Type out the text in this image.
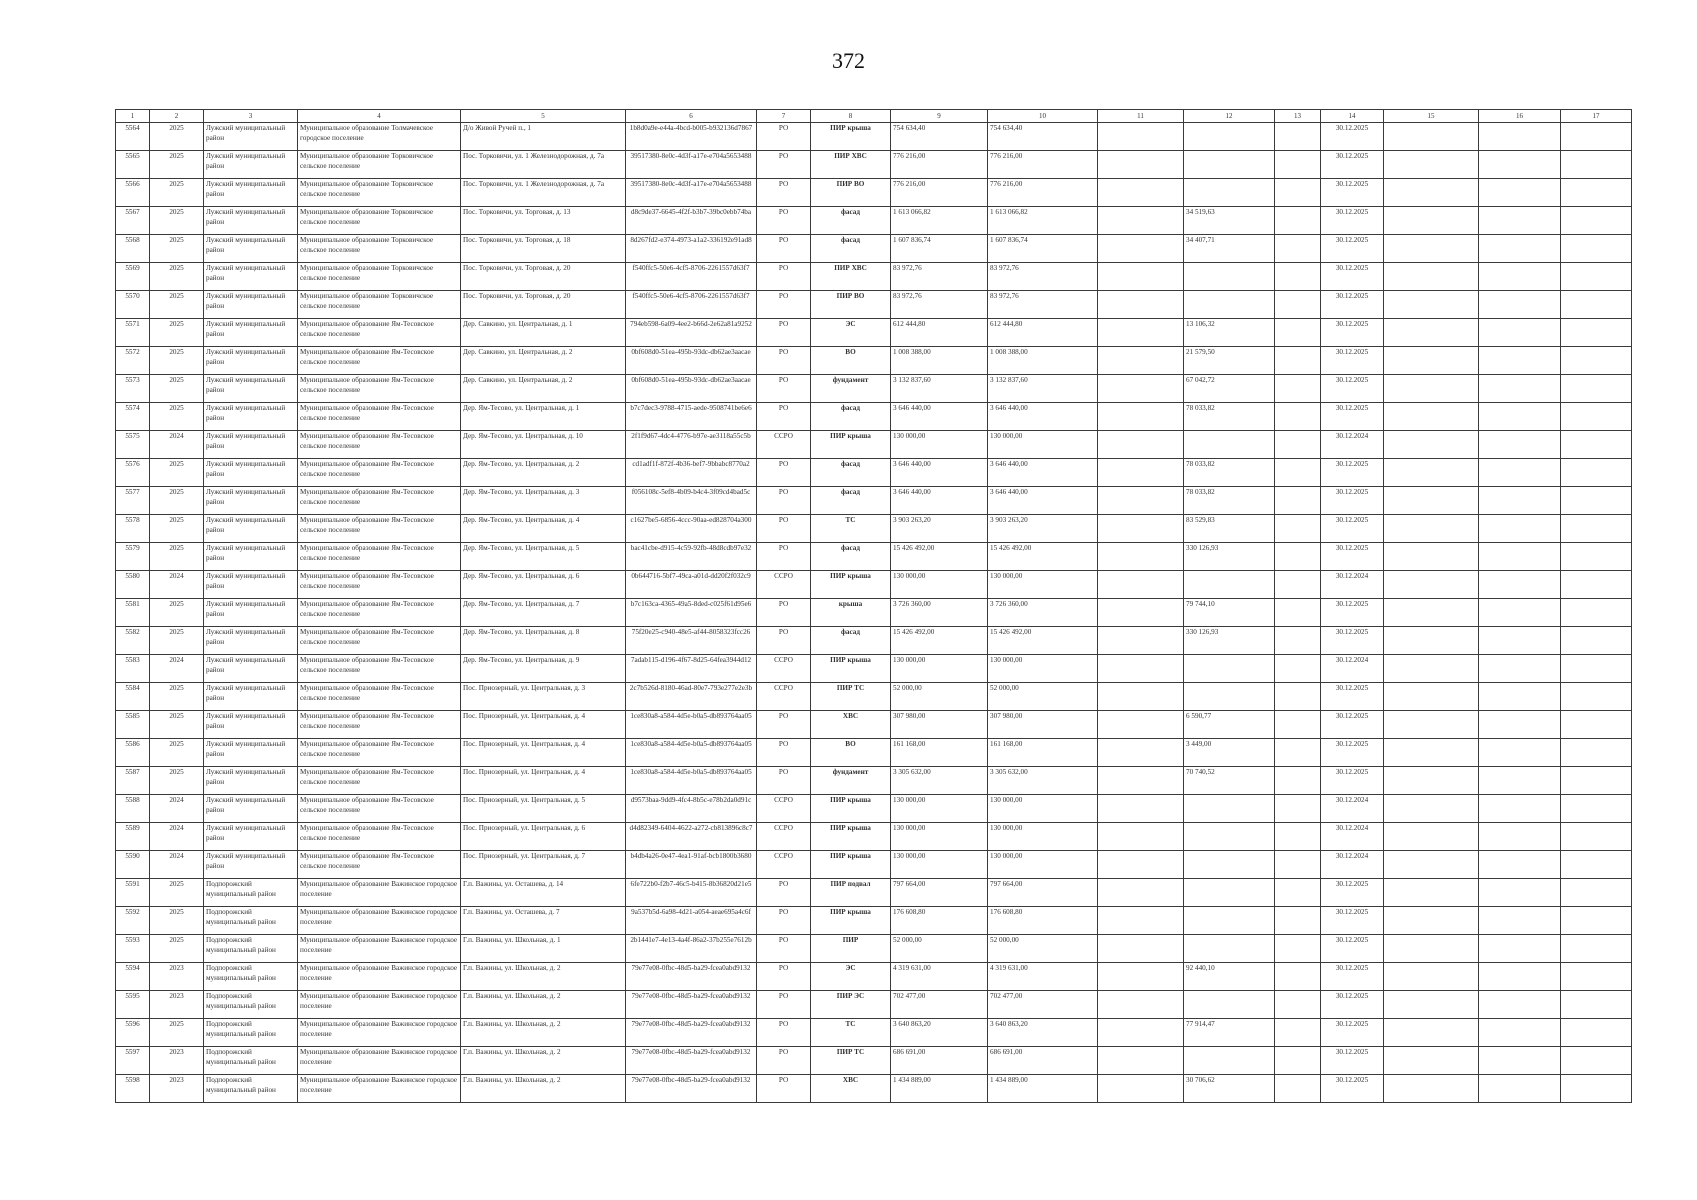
372
1	2	3	4	5	6	7	8	9	10	11	12	13	14	15	16	17
5564	2025	Лужский муниципальный район	Муниципальное образование Толмачевское городское поселение	Д/о Живой Ручей п., 1	1b8d0a9e-e44a-4bcd-b005-b932136d7867	РО	ПИР крыша	754 634,40	754 634,40				30.12.2025			
5565	2025	Лужский муниципальный район	Муниципальное образование Торковичское сельское поселение	Пос. Торковичи, ул. 1 Железнодорожная, д. 7а	39517380-8e0c-4d3f-a17e-e704a5653488	РО	ПИР ХВС	776 216,00	776 216,00				30.12.2025			
5566	2025	Лужский муниципальный район	Муниципальное образование Торковичское сельское поселение	Пос. Торковичи, ул. 1 Железнодорожная, д. 7а	39517380-8e0c-4d3f-a17e-e704a5653488	РО	ПИР ВО	776 216,00	776 216,00				30.12.2025			
5567	2025	Лужский муниципальный район	Муниципальное образование Торковичское сельское поселение	Пос. Торковичи, ул. Торговая, д. 13	d8c9de37-6645-4f2f-b3b7-39bc0ebb74ba	РО	фасад	1 613 066,82	1 613 066,82		34 519,63		30.12.2025			
5568	2025	Лужский муниципальный район	Муниципальное образование Торковичское сельское поселение	Пос. Торковичи, ул. Торговая, д. 18	8d267fd2-e374-4973-a1a2-336192e91ad8	РО	фасад	1 607 836,74	1 607 836,74		34 407,71		30.12.2025			
5569	2025	Лужский муниципальный район	Муниципальное образование Торковичское сельское поселение	Пос. Торковичи, ул. Торговая, д. 20	f540ffc5-50e6-4cf5-8706-2261557d63f7	РО	ПИР ХВС	83 972,76	83 972,76				30.12.2025			
5570	2025	Лужский муниципальный район	Муниципальное образование Торковичское сельское поселение	Пос. Торковичи, ул. Торговая, д. 20	f540ffc5-50e6-4cf5-8706-2261557d63f7	РО	ПИР ВО	83 972,76	83 972,76				30.12.2025			
5571	2025	Лужский муниципальный район	Муниципальное образование Ям-Тесовское сельское поселение	Дер. Савкино, ул. Центральная, д. 1	794eb598-6a09-4ee2-b66d-2e62a81a9252	РО	ЭС	612 444,80	612 444,80		13 106,32		30.12.2025			
5572	2025	Лужский муниципальный район	Муниципальное образование Ям-Тесовское сельское поселение	Дер. Савкино, ул. Центральная, д. 2	0bf608d0-51ea-495b-93dc-db62ae3aacae	РО	ВО	1 008 388,00	1 008 388,00		21 579,50		30.12.2025			
5573	2025	Лужский муниципальный район	Муниципальное образование Ям-Тесовское сельское поселение	Дер. Савкино, ул. Центральная, д. 2	0bf608d0-51ea-495b-93dc-db62ae3aacae	РО	фундамент	3 132 837,60	3 132 837,60		67 042,72		30.12.2025			
5574	2025	Лужский муниципальный район	Муниципальное образование Ям-Тесовское сельское поселение	Дер. Ям-Тесово, ул. Центральная, д. 1	b7c7dec3-9788-4715-aede-9508741be6e6	РО	фасад	3 646 440,00	3 646 440,00		78 033,82		30.12.2025			
5575	2024	Лужский муниципальный район	Муниципальное образование Ям-Тесовское сельское поселение	Дер. Ям-Тесово, ул. Центральная, д. 10	2f1f9d67-4dc4-4776-b97e-ae3118a55c5b	ССРО	ПИР крыша	130 000,00	130 000,00				30.12.2024			
5576	2025	Лужский муниципальный район	Муниципальное образование Ям-Тесовское сельское поселение	Дер. Ям-Тесово, ул. Центральная, д. 2	cd1adf1f-872f-4b36-bef7-9bbabc8770a2	РО	фасад	3 646 440,00	3 646 440,00		78 033,82		30.12.2025			
5577	2025	Лужский муниципальный район	Муниципальное образование Ям-Тесовское сельское поселение	Дер. Ям-Тесово, ул. Центральная, д. 3	f056108c-5ef8-4b09-b4c4-3f09cd4bad5c	РО	фасад	3 646 440,00	3 646 440,00		78 033,82		30.12.2025			
5578	2025	Лужский муниципальный район	Муниципальное образование Ям-Тесовское сельское поселение	Дер. Ям-Тесово, ул. Центральная, д. 4	c1627be5-6856-4ccc-90aa-ed828704a300	РО	ТС	3 903 263,20	3 903 263,20		83 529,83		30.12.2025			
5579	2025	Лужский муниципальный район	Муниципальное образование Ям-Тесовское сельское поселение	Дер. Ям-Тесово, ул. Центральная, д. 5	bac41cbe-d915-4c59-92fb-48d8cdb97e32	РО	фасад	15 426 492,00	15 426 492,00		330 126,93		30.12.2025			
5580	2024	Лужский муниципальный район	Муниципальное образование Ям-Тесовское сельское поселение	Дер. Ям-Тесово, ул. Центральная, д. 6	0b644716-5bf7-49ca-a01d-dd20f2f032c9	ССРО	ПИР крыша	130 000,00	130 000,00				30.12.2024			
5581	2025	Лужский муниципальный район	Муниципальное образование Ям-Тесовское сельское поселение	Дер. Ям-Тесово, ул. Центральная, д. 7	b7c163ca-4365-49a5-8ded-c025f61d95e6	РО	крыша	3 726 360,00	3 726 360,00		79 744,10		30.12.2025			
5582	2025	Лужский муниципальный район	Муниципальное образование Ям-Тесовское сельское поселение	Дер. Ям-Тесово, ул. Центральная, д. 8	75f20e25-c940-48e5-af44-8058323fcc26	РО	фасад	15 426 492,00	15 426 492,00		330 126,93		30.12.2025			
5583	2024	Лужский муниципальный район	Муниципальное образование Ям-Тесовское сельское поселение	Дер. Ям-Тесово, ул. Центральная, д. 9	7adab115-d196-4f67-8d25-64fea3944d12	ССРО	ПИР крыша	130 000,00	130 000,00				30.12.2024			
5584	2025	Лужский муниципальный район	Муниципальное образование Ям-Тесовское сельское поселение	Пос. Приозерный, ул. Центральная, д. 3	2c7b526d-8180-46ad-80e7-793e277e2e3b	ССРО	ПИР ТС	52 000,00	52 000,00				30.12.2025			
5585	2025	Лужский муниципальный район	Муниципальное образование Ям-Тесовское сельское поселение	Пос. Приозерный, ул. Центральная, д. 4	1ce830a8-a584-4d5e-b0a5-db893764aa05	РО	ХВС	307 980,00	307 980,00		6 590,77		30.12.2025			
5586	2025	Лужский муниципальный район	Муниципальное образование Ям-Тесовское сельское поселение	Пос. Приозерный, ул. Центральная, д. 4	1ce830a8-a584-4d5e-b0a5-db893764aa05	РО	ВО	161 168,00	161 168,00		3 449,00		30.12.2025			
5587	2025	Лужский муниципальный район	Муниципальное образование Ям-Тесовское сельское поселение	Пос. Приозерный, ул. Центральная, д. 4	1ce830a8-a584-4d5e-b0a5-db893764aa05	РО	фундамент	3 305 632,00	3 305 632,00		70 740,52		30.12.2025			
5588	2024	Лужский муниципальный район	Муниципальное образование Ям-Тесовское сельское поселение	Пос. Приозерный, ул. Центральная, д. 5	d9573baa-9dd9-4fc4-8b5c-e78b2da0d91c	ССРО	ПИР крыша	130 000,00	130 000,00				30.12.2024			
5589	2024	Лужский муниципальный район	Муниципальное образование Ям-Тесовское сельское поселение	Пос. Приозерный, ул. Центральная, д. 6	d4d82349-6404-4622-a272-cb813896c8c7	ССРО	ПИР крыша	130 000,00	130 000,00				30.12.2024			
5590	2024	Лужский муниципальный район	Муниципальное образование Ям-Тесовское сельское поселение	Пос. Приозерный, ул. Центральная, д. 7	b4db4a26-0e47-4ea1-91af-bcb1800b3680	ССРО	ПИР крыша	130 000,00	130 000,00				30.12.2024			
5591	2025	Подпорожский муниципальный район	Муниципальное образование Важинское городское поселение	Г.п. Важины, ул. Осташева, д. 14	6fe722b0-f2b7-46c5-b415-8b36820d21e5	РО	ПИР подвал	797 664,00	797 664,00				30.12.2025			
5592	2025	Подпорожский муниципальный район	Муниципальное образование Важинское городское поселение	Г.п. Важины, ул. Осташева, д. 7	9a537b5d-6a98-4d21-a054-aeae695a4c6f	РО	ПИР крыша	176 608,80	176 608,80				30.12.2025			
5593	2025	Подпорожский муниципальный район	Муниципальное образование Важинское городское поселение	Г.п. Важины, ул. Школьная, д. 1	2b1441e7-4e13-4a4f-86a2-37b255e7612b	РО	ПИР	52 000,00	52 000,00				30.12.2025			
5594	2023	Подпорожский муниципальный район	Муниципальное образование Важинское городское поселение	Г.п. Важины, ул. Школьная, д. 2	79e77e08-0fbc-48d5-ba29-fcea0abd9132	РО	ЭС	4 319 631,00	4 319 631,00		92 440,10		30.12.2025			
5595	2023	Подпорожский муниципальный район	Муниципальное образование Важинское городское поселение	Г.п. Важины, ул. Школьная, д. 2	79e77e08-0fbc-48d5-ba29-fcea0abd9132	РО	ПИР ЭС	702 477,00	702 477,00				30.12.2025			
5596	2025	Подпорожский муниципальный район	Муниципальное образование Важинское городское поселение	Г.п. Важины, ул. Школьная, д. 2	79e77e08-0fbc-48d5-ba29-fcea0abd9132	РО	ТС	3 640 863,20	3 640 863,20		77 914,47		30.12.2025			
5597	2023	Подпорожский муниципальный район	Муниципальное образование Важинское городское поселение	Г.п. Важины, ул. Школьная, д. 2	79e77e08-0fbc-48d5-ba29-fcea0abd9132	РО	ПИР ТС	686 691,00	686 691,00				30.12.2025			
5598	2023	Подпорожский муниципальный район	Муниципальное образование Важинское городское поселение	Г.п. Важины, ул. Школьная, д. 2	79e77e08-0fbc-48d5-ba29-fcea0abd9132	РО	ХВС	1 434 889,00	1 434 889,00		30 706,62		30.12.2025			
